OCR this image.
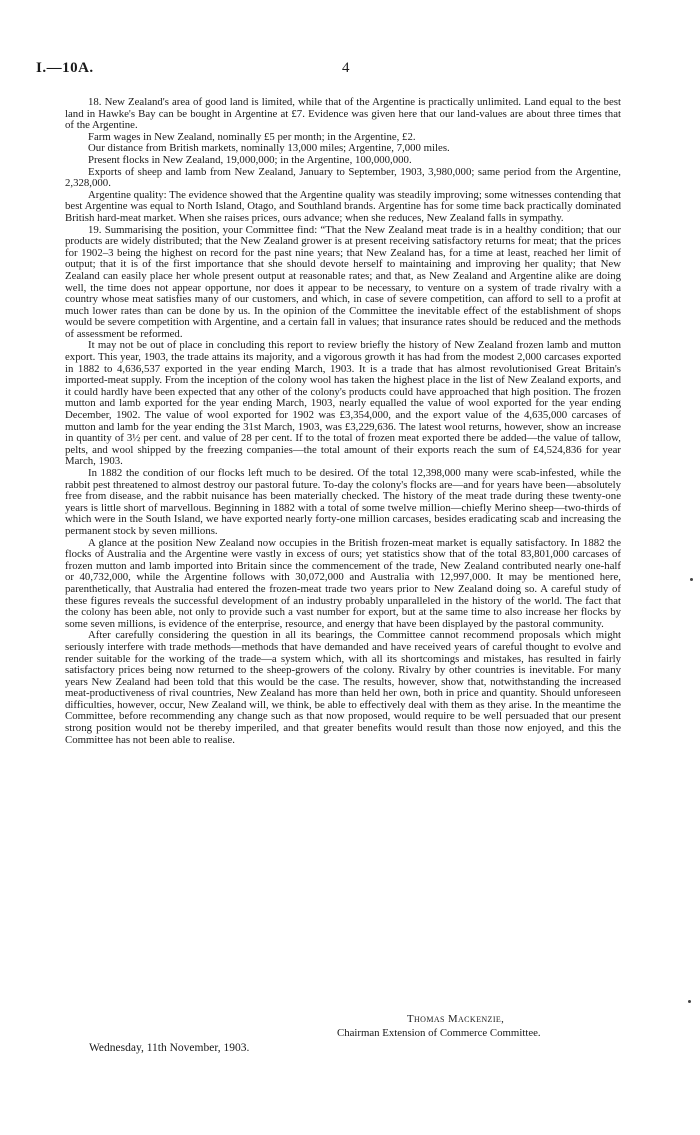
I.—10A.	4

18. New Zealand's area of good land is limited, while that of the Argentine is practically unlimited. Land equal to the best land in Hawke's Bay can be bought in Argentine at £7. Evidence was given here that our land-values are about three times that of the Argentine.

Farm wages in New Zealand, nominally £5 per month; in the Argentine, £2.

Our distance from British markets, nominally 13,000 miles; Argentine, 7,000 miles.

Present flocks in New Zealand, 19,000,000; in the Argentine, 100,000,000.

Exports of sheep and lamb from New Zealand, January to September, 1903, 3,980,000; same period from the Argentine, 2,328,000.

Argentine quality: The evidence showed that the Argentine quality was steadily improving; some witnesses contending that best Argentine was equal to North Island, Otago, and Southland brands. Argentine has for some time back practically dominated British hard-meat market. When she raises prices, ours advance; when she reduces, New Zealand falls in sympathy.

19. Summarising the position, your Committee find: “That the New Zealand meat trade is in a healthy condition; that our products are widely distributed; that the New Zealand grower is at present receiving satisfactory returns for meat; that the prices for 1902–3 being the highest on record for the past nine years; that New Zealand has, for a time at least, reached her limit of output; that it is of the first importance that she should devote herself to maintaining and improving her quality; that New Zealand can easily place her whole present output at reasonable rates; and that, as New Zealand and Argentine alike are doing well, the time does not appear opportune, nor does it appear to be necessary, to venture on a system of trade rivalry with a country whose meat satisfies many of our customers, and which, in case of severe competition, can afford to sell to a profit at much lower rates than can be done by us. In the opinion of the Committee the inevitable effect of the establishment of shops would be severe competition with Argentine, and a certain fall in values; that insurance rates should be reduced and the methods of assessment be reformed.

It may not be out of place in concluding this report to review briefly the history of New Zealand frozen lamb and mutton export. This year, 1903, the trade attains its majority, and a vigorous growth it has had from the modest 2,000 carcases exported in 1882 to 4,636,537 exported in the year ending March, 1903. It is a trade that has almost revolutionised Great Britain's imported-meat supply. From the inception of the colony wool has taken the highest place in the list of New Zealand exports, and it could hardly have been expected that any other of the colony's products could have approached that high position. The frozen mutton and lamb exported for the year ending March, 1903, nearly equalled the value of wool exported for the year ending December, 1902. The value of wool exported for 1902 was £3,354,000, and the export value of the 4,635,000 carcases of mutton and lamb for the year ending the 31st March, 1903, was £3,229,636. The latest wool returns, however, show an increase in quantity of 3½ per cent. and value of 28 per cent. If to the total of frozen meat exported there be added—the value of tallow, pelts, and wool shipped by the freezing companies—the total amount of their exports reach the sum of £4,524,836 for year March, 1903.

In 1882 the condition of our flocks left much to be desired. Of the total 12,398,000 many were scab-infested, while the rabbit pest threatened to almost destroy our pastoral future. To-day the colony's flocks are—and for years have been—absolutely free from disease, and the rabbit nuisance has been materially checked. The history of the meat trade during these twenty-one years is little short of marvellous. Beginning in 1882 with a total of some twelve million—chiefly Merino sheep—two-thirds of which were in the South Island, we have exported nearly forty-one million carcases, besides eradicating scab and increasing the permanent stock by seven millions.

A glance at the position New Zealand now occupies in the British frozen-meat market is equally satisfactory. In 1882 the flocks of Australia and the Argentine were vastly in excess of ours; yet statistics show that of the total 83,801,000 carcases of frozen mutton and lamb imported into Britain since the commencement of the trade, New Zealand contributed nearly one-half or 40,732,000, while the Argentine follows with 30,072,000 and Australia with 12,997,000. It may be mentioned here, parenthetically, that Australia had entered the frozen-meat trade two years prior to New Zealand doing so. A careful study of these figures reveals the successful development of an industry probably unparalleled in the history of the world. The fact that the colony has been able, not only to provide such a vast number for export, but at the same time to also increase her flocks by some seven millions, is evidence of the enterprise, resource, and energy that have been displayed by the pastoral community.

After carefully considering the question in all its bearings, the Committee cannot recommend proposals which might seriously interfere with trade methods—methods that have demanded and have received years of careful thought to evolve and render suitable for the working of the trade—a system which, with all its shortcomings and mistakes, has resulted in fairly satisfactory prices being now returned to the sheep-growers of the colony. Rivalry by other countries is inevitable. For many years New Zealand had been told that this would be the case. The results, however, show that, notwithstanding the increased meat-productiveness of rival countries, New Zealand has more than held her own, both in price and quantity. Should unforeseen difficulties, however, occur, New Zealand will, we think, be able to effectively deal with them as they arise. In the meantime the Committee, before recommending any change such as that now proposed, would require to be well persuaded that our present strong position would not be thereby imperiled, and that greater benefits would result than those now enjoyed, and this the Committee has not been able to realise.

Thomas Mackenzie,
Chairman Extension of Commerce Committee.
Wednesday, 11th November, 1903.
